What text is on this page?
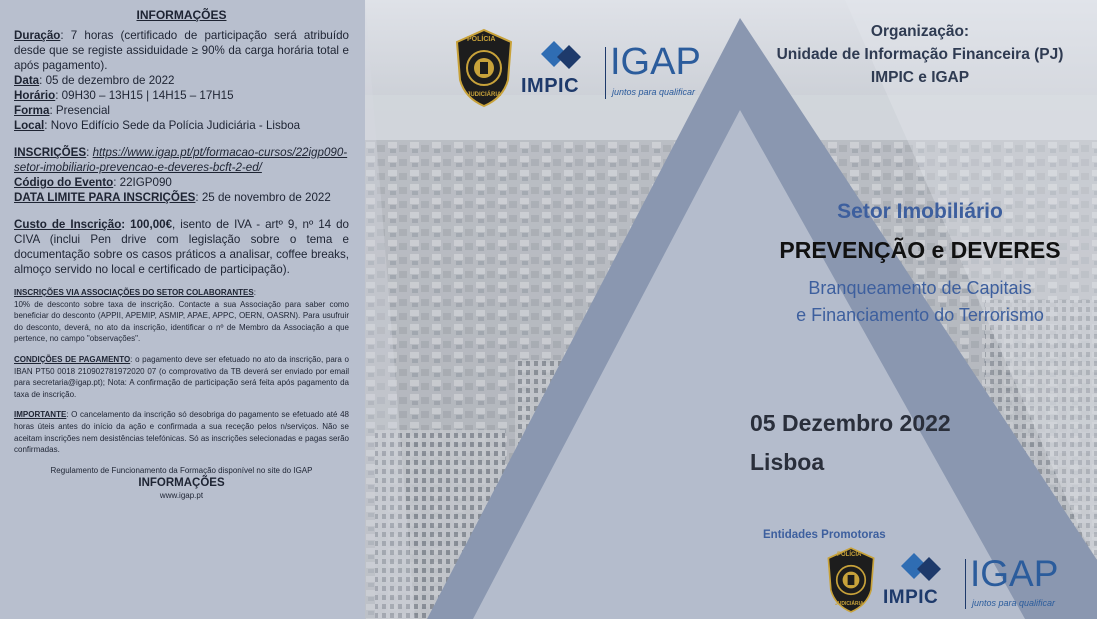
INFORMAÇÕES

Duração: 7 horas (certificado de participação será atribuído desde que se registe assiduidade ≥ 90% da carga horária total e após pagamento).

Data: 05 de dezembro de 2022

Horário: 09H30 – 13H15 | 14H15 – 17H15

Forma: Presencial

Local: Novo Edifício Sede da Polícia Judiciária - Lisboa

INSCRIÇÕES: https://www.igap.pt/pt/formacao-cursos/22igp090-setor-imobiliario-prevencao-e-deveres-bcft-2-ed/

Código do Evento: 22IGP090

DATA LIMITE PARA INSCRIÇÕES: 25 de novembro de 2022

Custo de Inscrição: 100,00€, isento de IVA - artº 9, nº 14 do CIVA (inclui Pen drive com legislação sobre o tema e documentação sobre os casos práticos a analisar, coffee breaks, almoço servido no local e certificado de participação).

INSCRIÇÕES VIA ASSOCIAÇÕES DO SETOR COLABORANTES:
10% de desconto sobre taxa de inscrição. Contacte a sua Associação para saber como beneficiar do desconto (APPII, APEMIP, ASMIP, APAE, APPC, OERN, OASRN). Para usufruir do desconto, deverá, no ato da inscrição, identificar o nº de Membro da Associação a que pertence, no campo "observações".

CONDIÇÕES DE PAGAMENTO: o pagamento deve ser efetuado no ato da inscrição, para o IBAN PT50 0018 210902781972020 07 (o comprovativo da TB deverá ser enviado por email para secretaria@igap.pt); Nota: A confirmação de participação será feita após pagamento da taxa de inscrição.

IMPORTANTE: O cancelamento da inscrição só desobriga do pagamento se efetuado até 48 horas úteis antes do início da ação e confirmada a sua receção pelos n/serviços. Não se aceitam inscrições nem desistências telefónicas. Só as inscrições selecionadas e pagas serão confirmadas.

Regulamento de Funcionamento da Formação disponível no site do IGAP
INFORMAÇÕES
www.igap.pt
POLÍCIA
JUDICIÁRIA IMPIC
IGAP
juntos para qualificar
Organização:
Unidade de Informação Financeira (PJ)
IMPIC e IGAP
Setor Imobiliário
PREVENÇÃO e DEVERES
Branqueamento de Capitais
e Financiamento do Terrorismo
05 Dezembro 2022
Lisboa
Entidades Promotoras
POLÍCIA
JUDICIÁRIA IMPIC
IGAP
juntos para qualificar
